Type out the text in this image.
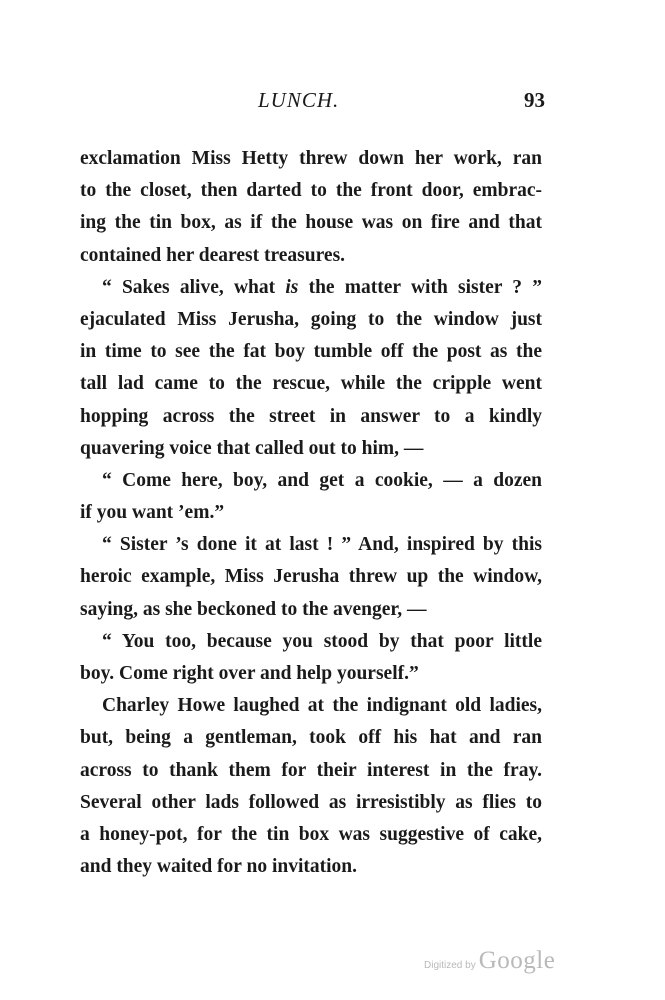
LUNCH.	93
exclamation Miss Hetty threw down her work, ran
to the closet, then darted to the front door, embrac-
ing the tin box, as if the house was on fire and that
contained her dearest treasures.
“ Sakes alive, what is the matter with sister ? ”
ejaculated Miss Jerusha, going to the window just
in time to see the fat boy tumble off the post as the
tall lad came to the rescue, while the cripple went
hopping across the street in answer to a kindly
quavering voice that called out to him, —
“ Come here, boy, and get a cookie, — a dozen
if you want ’em.”
“ Sister ’s done it at last ! ” And, inspired by this
heroic example, Miss Jerusha threw up the window,
saying, as she beckoned to the avenger, —
“ You too, because you stood by that poor little
boy. Come right over and help yourself.”
Charley Howe laughed at the indignant old ladies,
but, being a gentleman, took off his hat and ran
across to thank them for their interest in the fray.
Several other lads followed as irresistibly as flies to
a honey-pot, for the tin box was suggestive of cake,
and they waited for no invitation.
Digitized by Google
